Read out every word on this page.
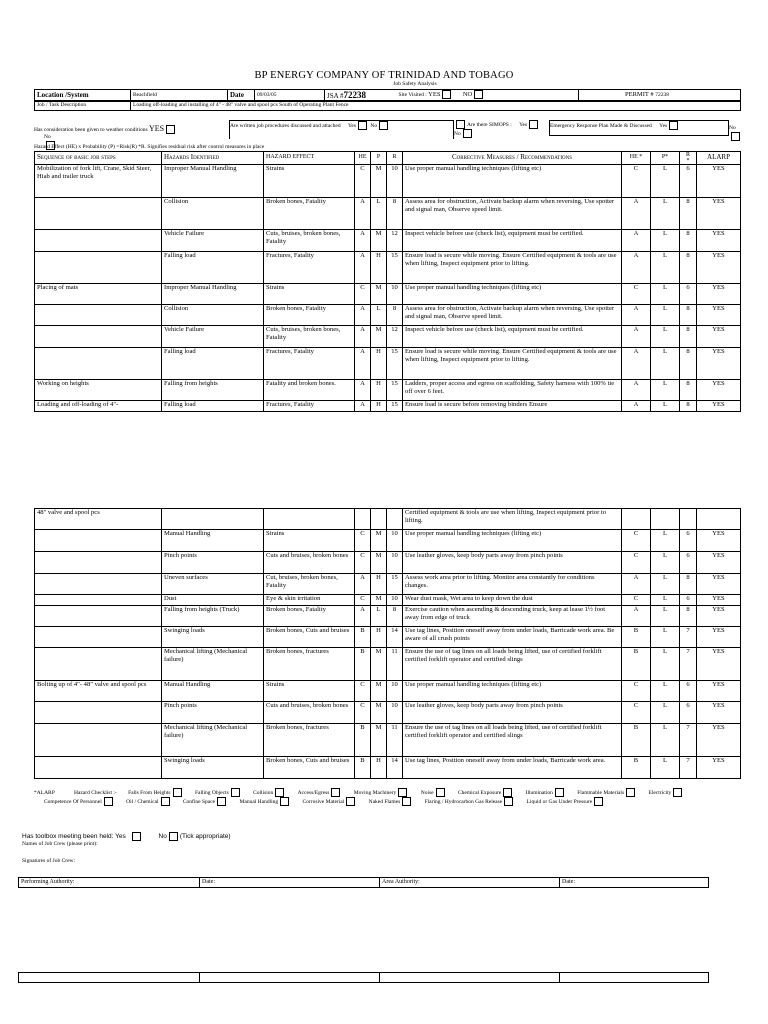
BP ENERGY COMPANY OF TRINIDAD AND TOBAGO
Job Safety Analysis
Location /System	Beachfield	Date	09/03/05	JSA #72238	Site Visited : YES	NO	PERMIT # 72238
Job / Task Description	Loading off-loading and installing of 4" - 48" valve and spool pcs South of Operating Plant Fence
Has consideration been given to weather conditions YES	Are written job procedures discussed and attached Yes	No	Are there SIMOPS : Yes
No
Emergency Response Plan Made & Discussed Yes
No
No
Hazard Effect (HE) x Probability (P) =Risk(R) *R. Signifies residual risk after control measures in place
Sequence of basic job steps	Hazards Identified	HAZARD EFFECT	HE	P	R	Corrective Measures / Recommendations	HE *	P*	R
*	ALARP
Mobilization of fork lift, Crane, Skid Steer, Hiab and trailer truck	Improper Manual Handling	Strains	C	M	10	Use proper manual handling techniques (lifting etc)	C	L	6	YES
	Collision	Broken bones, Fatality	A	L	8	Assess area for obstruction, Activate backup alarm when reversing, Use spotter and signal man, Observe speed limit.	A	L	8	YES
	Vehicle Failure	Cuts, bruises, broken bones, Fatality	A	M	12	Inspect vehicle before use (check list), equipment must be certified.	A	L	8	YES
	Falling load	Fractures, Fatality	A	H	15	Ensure load is secure while moving. Ensure Certified equipment & tools are use when lifting, Inspect equipment prior to lifting.	A	L	8	YES
Placing of mats	Improper Manual Handling	Strains	C	M	10	Use proper manual handling techniques (lifting etc)	C	L	6	YES
	Collision	Broken bones, Fatality	A	L	8	Assess area for obstruction, Activate backup alarm when reversing, Use spotter and signal man, Observe speed limit.	A	L	8	YES
	Vehicle Failure	Cuts, bruises, broken bones, Fatality	A	M	12	Inspect vehicle before use (check list), equipment must be certified.	A	L	8	YES
	Falling load	Fractures, Fatality	A	H	15	Ensure load is secure while moving. Ensure Certified equipment & tools are use when lifting, Inspect equipment prior to lifting.	A	L	8	YES
Working on heights	Falling from heights	Fatality and broken bones.	A	H	15	Ladders, proper access and egress on scaffolding, Safety harness with 100% tie off over 6 feet.	A	L	8	YES
Loading and off-loading of 4"-	Falling load	Fractures, Fatality	A	H	15	Ensure load is secure before removing binders Ensure	A	L	8	YES
48" valve and spool pcs						Certified equipment & tools are use when lifting, Inspect equipment prior to lifting.				
	Manual Handling	Strains	C	M	10	Use proper manual handling techniques (lifting etc)	C	L	6	YES
	Pinch points	Cuts and bruises, broken bones	C	M	10	Use leather gloves, keep body parts away from pinch points	C	L	6	YES
	Uneven surfaces	Cut, bruises, broken bones, Fatality	A	H	15	Assess work area prior to lifting. Monitor area constantly for conditions changes.	A	L	8	YES
	Dust	Eye & skin irritation	C	M	10	Wear dust mask, Wet area to keep down the dust	C	L	6	YES
	Falling from heights (Truck)	Broken bones, Fatality	A	L	8	Exercise caution when ascending & descending truck, keep at lease 1½ foot away from edge of truck	A	L	8	YES
	Swinging loads	Broken bones, Cuts and bruises	B	H	14	Use tag lines, Position oneself away from under loads, Barricade work area. Be aware of all crush points	B	L	7	YES
	Mechanical lifting (Mechanical failure)	Broken bones, fractures	B	M	11	Ensure the use of tag lines on all loads being lifted, use of certified forklift certified forklift operator and certified slings	B	L	7	YES
Bolting up of 4"- 48" valve and spool pcs	Manual Handling	Strains	C	M	10	Use proper manual handling techniques (lifting etc)	C	L	6	YES
	Pinch points	Cuts and bruises, broken bones	C	M	10	Use leather gloves, keep body parts away from pinch points	C	L	6	YES
	Mechanical lifting (Mechanical failure)	Broken bones, fractures	B	M	11	Ensure the use of tag lines on all loads being lifted, use of certified forklift certified forklift operator and certified slings	B	L	7	YES
	Swinging loads	Broken bones, Cuts and bruises	B	H	14	Use tag lines, Position oneself away from under loads, Barricade work area.	B	L	7	YES
*ALARP	Hazard Checklist :- Falls From Heights	Falling Objects	Collision	Access/Egress	Moving Machinery	Noise	Chemical Exposure	Illumination	Flammable Materials	Electricity Competence Of Personnel	Oil / Chemical	Confine Space	Manual Handling	Corrosive Material	Naked Flames	Flaring / Hydrocarbon Gas Release	Liquid or Gas Under Pressure
Has toolbox meeting been held: Yes	No (Tick appropriate)
Names of Job Crew (please print):
Signatures of Job Crew:
Performing Authority:	Date:	Area Authority:	Date:
